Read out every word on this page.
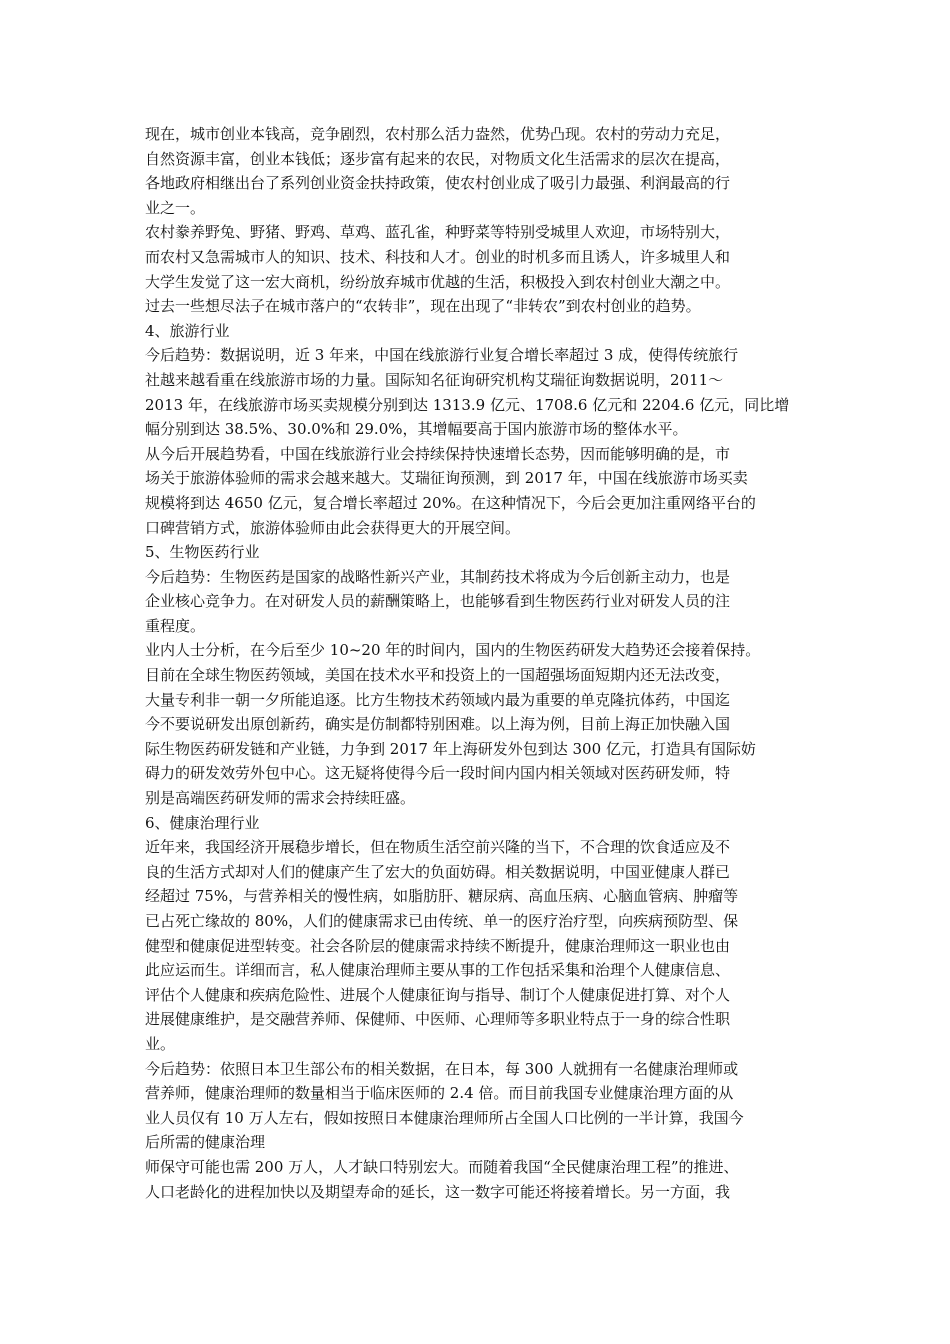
现在，城市创业本钱高，竞争剧烈，农村那么活力盎然，优势凸现。农村的劳动力充足，
自然资源丰富，创业本钱低；逐步富有起来的农民，对物质文化生活需求的层次在提高，
各地政府相继出台了系列创业资金扶持政策，使农村创业成了吸引力最强、利润最高的行
业之一。
农村豢养野兔、野猪、野鸡、草鸡、蓝孔雀，种野菜等特别受城里人欢迎，市场特别大，
而农村又急需城市人的知识、技术、科技和人才。创业的时机多而且诱人，许多城里人和
大学生发觉了这一宏大商机，纷纷放弃城市优越的生活，积极投入到农村创业大潮之中。
过去一些想尽法子在城市落户的“农转非”，现在出现了“非转农”到农村创业的趋势。
4、旅游行业
今后趋势：数据说明，近 3 年来，中国在线旅游行业复合增长率超过 3 成，使得传统旅行
社越来越看重在线旅游市场的力量。国际知名征询研究机构艾瑞征询数据说明，2011～
2013 年，在线旅游市场买卖规模分别到达 1313.9 亿元、1708.6 亿元和 2204.6 亿元，同比增
幅分别到达 38.5%、30.0%和 29.0%，其增幅要高于国内旅游市场的整体水平。
从今后开展趋势看，中国在线旅游行业会持续保持快速增长态势，因而能够明确的是，市
场关于旅游体验师的需求会越来越大。艾瑞征询预测，到 2017 年，中国在线旅游市场买卖
规模将到达 4650 亿元，复合增长率超过 20%。在这种情况下，今后会更加注重网络平台的
口碑营销方式，旅游体验师由此会获得更大的开展空间。
5、生物医药行业
今后趋势：生物医药是国家的战略性新兴产业，其制药技术将成为今后创新主动力，也是
企业核心竞争力。在对研发人员的薪酬策略上，也能够看到生物医药行业对研发人员的注
重程度。
业内人士分析，在今后至少 10~20 年的时间内，国内的生物医药研发大趋势还会接着保持。
目前在全球生物医药领域，美国在技术水平和投资上的一国超强场面短期内还无法改变，
大量专利非一朝一夕所能追逐。比方生物技术药领域内最为重要的单克隆抗体药，中国迄
今不要说研发出原创新药，确实是仿制都特别困难。以上海为例，目前上海正加快融入国
际生物医药研发链和产业链，力争到 2017 年上海研发外包到达 300 亿元，打造具有国际妨
碍力的研发效劳外包中心。这无疑将使得今后一段时间内国内相关领域对医药研发师，特
别是高端医药研发师的需求会持续旺盛。
6、健康治理行业
近年来，我国经济开展稳步增长，但在物质生活空前兴隆的当下，不合理的饮食适应及不
良的生活方式却对人们的健康产生了宏大的负面妨碍。相关数据说明，中国亚健康人群已
经超过 75%，与营养相关的慢性病，如脂肪肝、糖尿病、高血压病、心脑血管病、肿瘤等
已占死亡缘故的 80%，人们的健康需求已由传统、单一的医疗治疗型，向疾病预防型、保
健型和健康促进型转变。社会各阶层的健康需求持续不断提升，健康治理师这一职业也由
此应运而生。详细而言，私人健康治理师主要从事的工作包括采集和治理个人健康信息、
评估个人健康和疾病危险性、进展个人健康征询与指导、制订个人健康促进打算、对个人
进展健康维护，是交融营养师、保健师、中医师、心理师等多职业特点于一身的综合性职
业。
今后趋势：依照日本卫生部公布的相关数据，在日本，每 300 人就拥有一名健康治理师或
营养师，健康治理师的数量相当于临床医师的 2.4 倍。而目前我国专业健康治理方面的从
业人员仅有 10 万人左右，假如按照日本健康治理师所占全国人口比例的一半计算，我国今
后所需的健康治理
师保守可能也需 200 万人，人才缺口特别宏大。而随着我国“全民健康治理工程”的推进、
人口老龄化的进程加快以及期望寿命的延长，这一数字可能还将接着增长。另一方面，我
